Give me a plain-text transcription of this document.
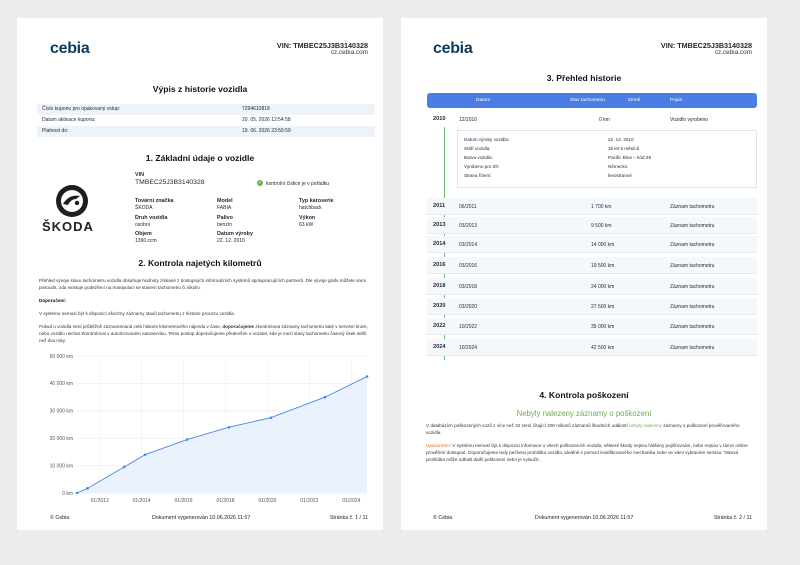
cebia	VIN: TMBEC25J3B3140328
cz.cebia.com
Výpis z historie vozidla
Číslo kuponu pro opakovaný vstup:	7294610818
Datum aktivace kuponu:	20. 05. 2026 12:54:58
Platnost do:	19. 06. 2026 23:59:59
1. Základní údaje o vozidle
ŠKODA
VIN
TMBEC25J3B3140328	✓ kontrolní číslice je v pořádku
Tovární značka
ŠKODA
Model
FABIA
Typ karoserie
hatchback
Druh vozidla
osobní
Palivo
benzín
Výkon
63 kW
Objem
1390 ccm
Datum výroby
22. 12. 2010
2. Kontrola najetých kilometrů
Přehled vývoje stavu tachometru vozidla obsahuje hodnoty získané z dostupných informačních systémů spolupracujících partnerů. Dle vývoje grafu můžete sami posoudit, zda existuje podezření na manipulaci se stavem tachometru či nikoliv.
Doporučení:
V systému nemusí být k dispozici všechny záznamy stavů tachometru z historie provozu vozidla.
Pokud u vozidla není průběžně zaznamenaná celá historie kilometrového nájezdu v čase, doporučujeme zkontrolovat záznamy tachometru také v servisní knize, nebo vozidlo nechat zkontrolovat v autorizovaném autoservisu. Tento postup doporučujeme především u vozidel, kde je mezi stavy tachometru časový úsek delší než dva roky.
0 km
10 000 km
20 000 km
30 000 km
40 000 km
50 000 km
01/2012	01/2014	01/2016	01/2018	01/2020	01/2022	01/2024
© Cebia	Dokument vygenerován 10.06.2026 11:57	Stránka č. 1 / 11
cebia	VIN: TMBEC25J3B3140328
cz.cebia.com
3. Přehled historie
Datum	Stav tachometru	Země	Popis
2010	12/2010	0 km	Vozidlo vyrobeno
Datum výroby vozidla:	22. 12. 2010
Stáří vozidla:	15 let 5 měsíců
Barva vozidla:	Pacific Blue – kód Z5
Vyrobeno pro trh:	Německo
Strana řízení:	levostranné
2011	06/2011	1 700 km	Záznam tachometru
2013	03/2013	9 500 km	Záznam tachometru
2014	03/2014	14 000 km	Záznam tachometru
2016	03/2016	19 500 km	Záznam tachometru
2018	03/2018	24 000 km	Záznam tachometru
2020	03/2020	27 500 km	Záznam tachometru
2022	10/2022	35 000 km	Záznam tachometru
2024	10/2024	42 500 km	Záznam tachometru
4. Kontrola poškození
Nebyly nalezeny záznamy o poškození
V databázích poškozených vozů z více než 32 zemí čítající 200 milionů záznamů škodních událostí nebyly nalezeny záznamy o poškození prověřovaného vozidla.
Upozornění: V systému nemusí být k dispozici informace o všech poškozeních vozidla, některé škody nejsou hlášeny pojišťovnám, nebo nejsou v rámci online prověření dostupné. Doporučujeme tedy pečlivou prohlídku vozidla, ideálně s pomocí kvalifikovaného mechanika nebo ve vámi vybraném servisu. Taková prohlídka může odhalit další poškození nebo je vyloučit.
© Cebia	Dokument vygenerován 10.06.2026 11:57	Stránka č. 2 / 11
